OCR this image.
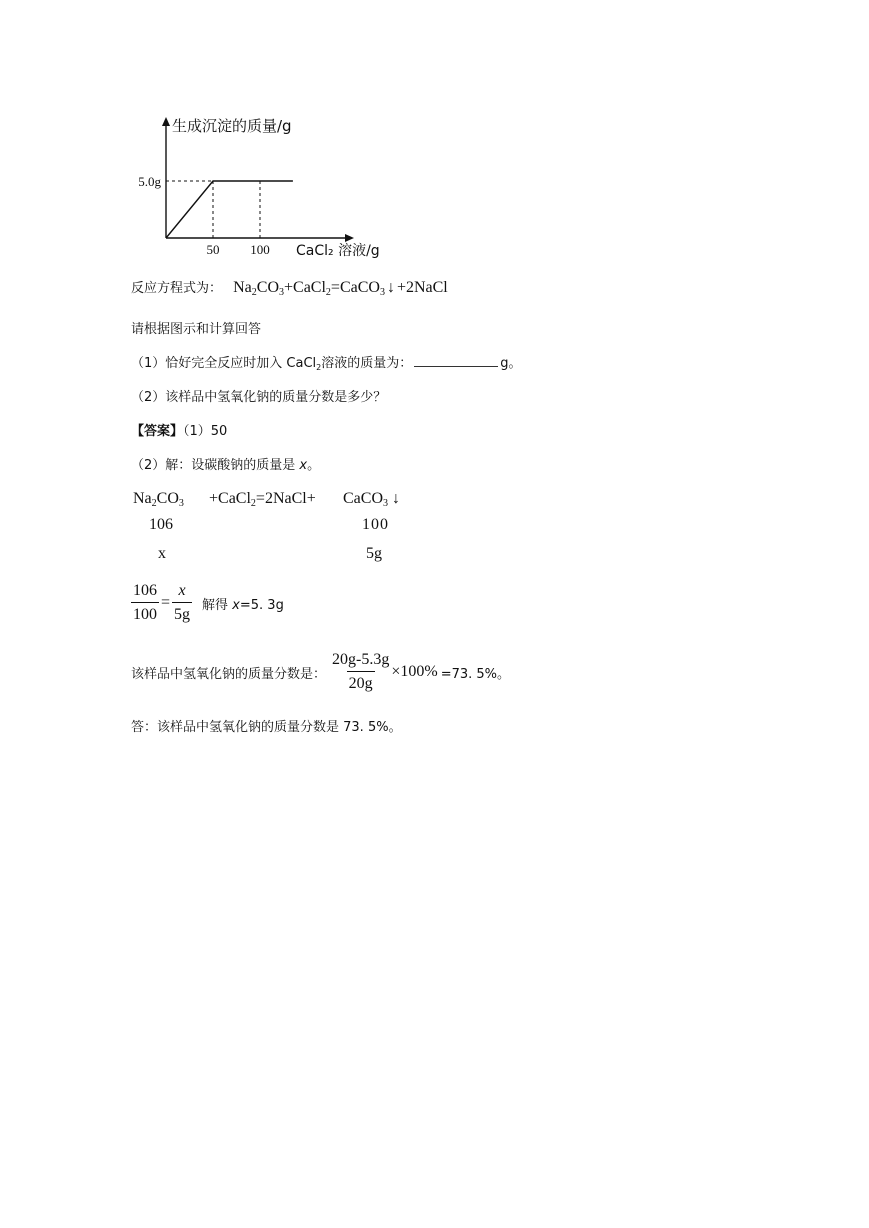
生成沉淀的质量/g
5.0g
50 100 CaCl₂ 溶液/g
反应方程式为： $Na_2CO_3+CaCl_2=CaCO_3$ ↓ +2NaCl
请根据图示和计算回答
（1）恰好完全反应时加入 CaCl$_2$溶液的质量为：	g。
（2）该样品中氢氧化钠的质量分数是多少？
【答案】（1）50
（2）解：设碳酸钠的质量是 x。
$Na_2CO_3$ +CaCl$_2$=2NaCl+ CaCO$_3$ ↓
106	100
x	5g
$\frac{106}{100} = \frac{x}{5g}$ 解得 x=5. 3g
该样品中氢氧化钠的质量分数是： $\frac{20g-5.3g}{20g} \times 100\% =73$. 5%。
答：该样品中氢氧化钠的质量分数是 73. 5%。
